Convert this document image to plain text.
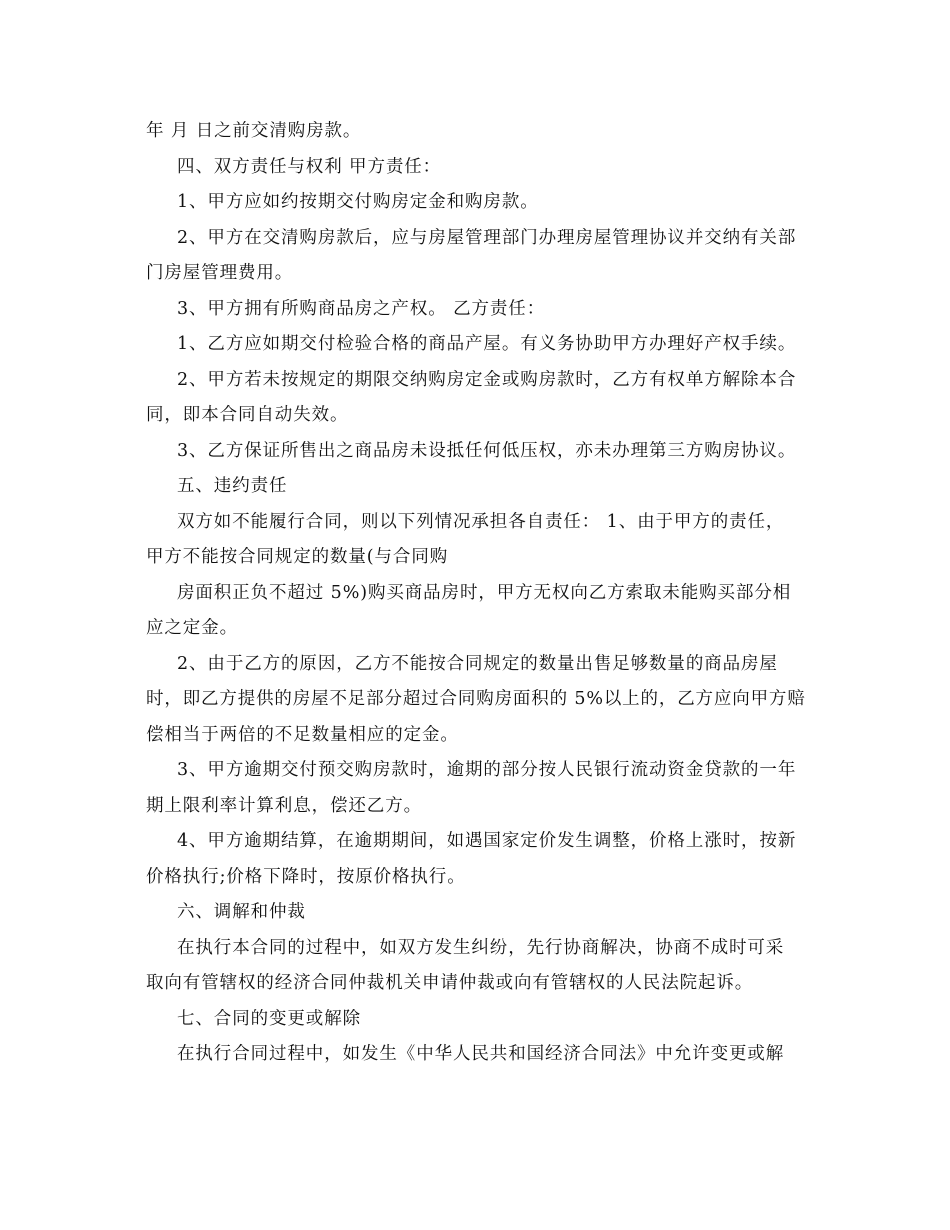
年 月 日之前交清购房款。

四、双方责任与权利 甲方责任：

1、甲方应如约按期交付购房定金和购房款。

2、甲方在交清购房款后，应与房屋管理部门办理房屋管理协议并交纳有关部

门房屋管理费用。

3、甲方拥有所购商品房之产权。 乙方责任：

1、乙方应如期交付检验合格的商品产屋。有义务协助甲方办理好产权手续。

2、甲方若未按规定的期限交纳购房定金或购房款时，乙方有权单方解除本合

同，即本合同自动失效。

3、乙方保证所售出之商品房未设抵任何低压权，亦未办理第三方购房协议。

五、违约责任

双方如不能履行合同，则以下列情况承担各自责任： 1、由于甲方的责任，

甲方不能按合同规定的数量(与合同购

房面积正负不超过 5%)购买商品房时，甲方无权向乙方索取未能购买部分相

应之定金。

2、由于乙方的原因，乙方不能按合同规定的数量出售足够数量的商品房屋

时，即乙方提供的房屋不足部分超过合同购房面积的 5%以上的，乙方应向甲方赔

偿相当于两倍的不足数量相应的定金。

3、甲方逾期交付预交购房款时，逾期的部分按人民银行流动资金贷款的一年

期上限利率计算利息，偿还乙方。

4、甲方逾期结算，在逾期期间，如遇国家定价发生调整，价格上涨时，按新

价格执行;价格下降时，按原价格执行。

六、调解和仲裁

在执行本合同的过程中，如双方发生纠纷，先行协商解决，协商不成时可采

取向有管辖权的经济合同仲裁机关申请仲裁或向有管辖权的人民法院起诉。

七、合同的变更或解除

在执行合同过程中，如发生《中华人民共和国经济合同法》中允许变更或解
